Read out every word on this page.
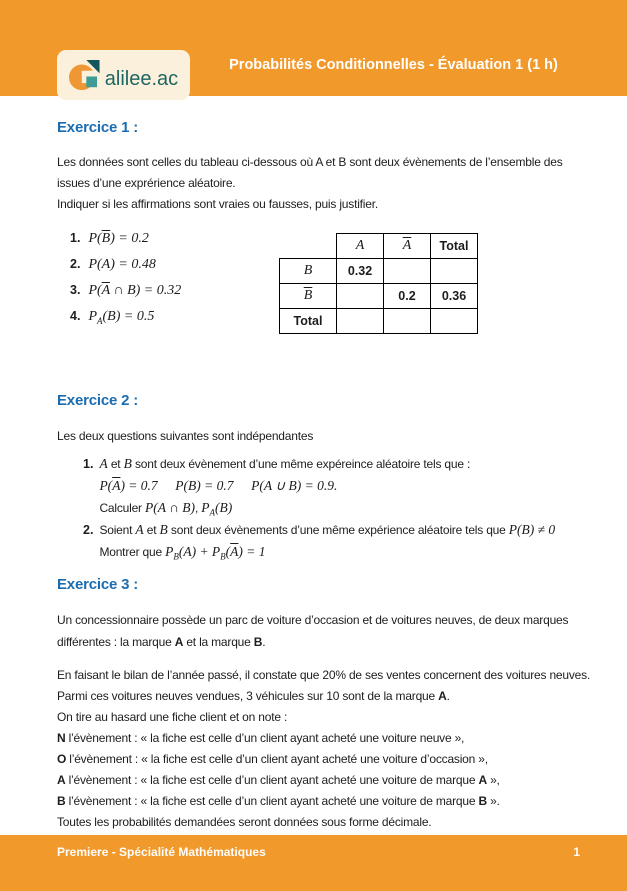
alilee.ac
Probabilités Conditionnelles - Évaluation 1 (1 h)
Exercice 1 :

Les données sont celles du tableau ci-dessous où A et B sont deux évènements de l’ensemble des issues d’une exprérience aléatoire.

Indiquer si les affirmations sont vraies ou fausses, puis justifier.

1. $P(\overline{B}) = 0.2$
2. P(A) = 0.48
3. $P(\overline{A}$ ∩ B) = 0.32
4. $P_A(B) = 0.5$
	A	$\overline{A}$	Total
B	0.32		
$\overline{B}$		0.2	0.36
Total			
Exercice 2 :
Les deux questions suivantes sont indépendantes
1. A et B sont deux évènement d’une même expéreince aléatoire tels que :
$P(\overline{A}) = 0.7$   P(B) = 0.7   P(A ∪ B) = 0.9.
Calculer P(A ∩ B), $P_A(B)$
2. Soient A et B sont deux évènements d’une même expérience aléatoire tels que P(B) ≠ 0
Montrer que $P_B(A) + P_B(\overline{A}) = 1$
Exercice 3 :

Un concessionnaire possède un parc de voiture d’occasion et de voitures neuves, de deux marques différentes : la marque A et la marque B.

En faisant le bilan de l’année passé, il constate que 20% de ses ventes concernent des voitures neuves.
Parmi ces voitures neuves vendues, 3 véhicules sur 10 sont de la marque A.
On tire au hasard une fiche client et on note :
N l’évènement : « la fiche est celle d’un client ayant acheté une voiture neuve »,
O l’évènement : « la fiche est celle d’un client ayant acheté une voiture d’occasion »,
A l’évènement : « la fiche est celle d’un client ayant acheté une voiture de marque A »,
B l’évènement : « la fiche est celle d’un client ayant acheté une voiture de marque B ».
Toutes les probabilités demandées seront données sous forme décimale.
Premiere - Spécialité Mathématiques	1
